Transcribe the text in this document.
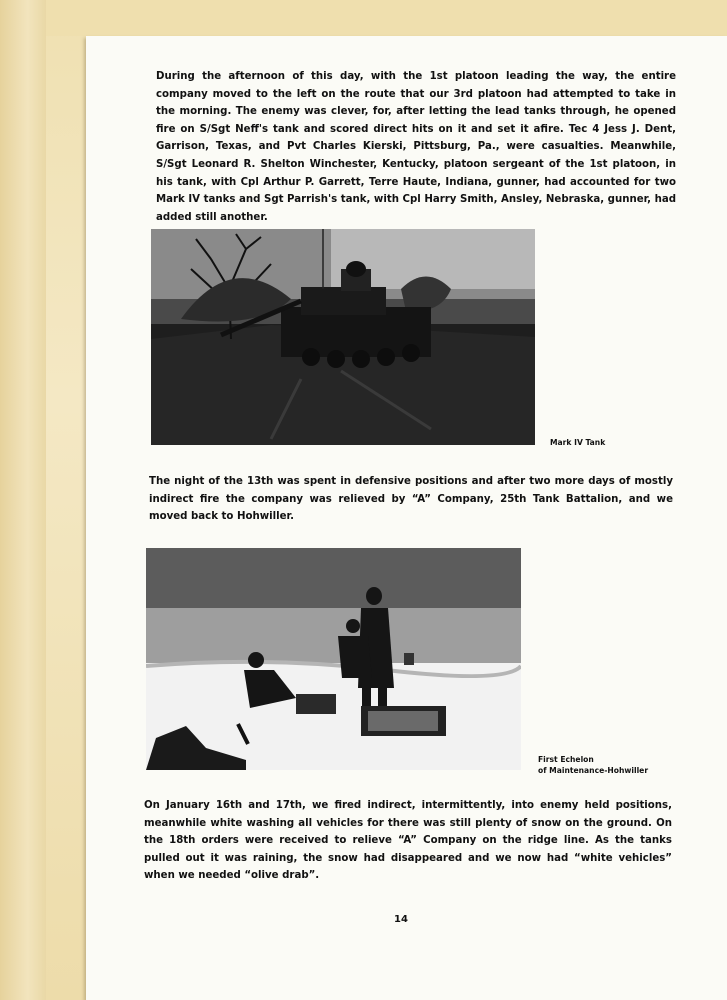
During the afternoon of this day, with the 1st platoon leading the way, the entire company moved to the left on the route that our 3rd platoon had attempted to take in the morning. The enemy was clever, for, after letting the lead tanks through, he opened fire on S/Sgt Neff's tank and scored direct hits on it and set it afire. Tec 4 Jess J. Dent, Garrison, Texas, and Pvt Charles Kierski, Pittsburg, Pa., were casualties. Meanwhile, S/Sgt Leonard R. Shelton Winchester, Kentucky, platoon sergeant of the 1st platoon, in his tank, with Cpl Arthur P. Garrett, Terre Haute, Indiana, gunner, had accounted for two Mark IV tanks and Sgt Parrish's tank, with Cpl Harry Smith, Ansley, Nebraska, gunner, had added still another.

Mark IV Tank

The night of the 13th was spent in defensive positions and after two more days of mostly indirect fire the company was relieved by “A” Company, 25th Tank Battalion, and we moved back to Hohwiller.

First Echelon
of Maintenance-Hohwiller

On January 16th and 17th, we fired indirect, intermittently, into enemy held positions, meanwhile white washing all vehicles for there was still plenty of snow on the ground. On the 18th orders were received to relieve “A” Company on the ridge line. As the tanks pulled out it was raining, the snow had disappeared and we now had “white vehicles” when we needed “olive drab”.

14
